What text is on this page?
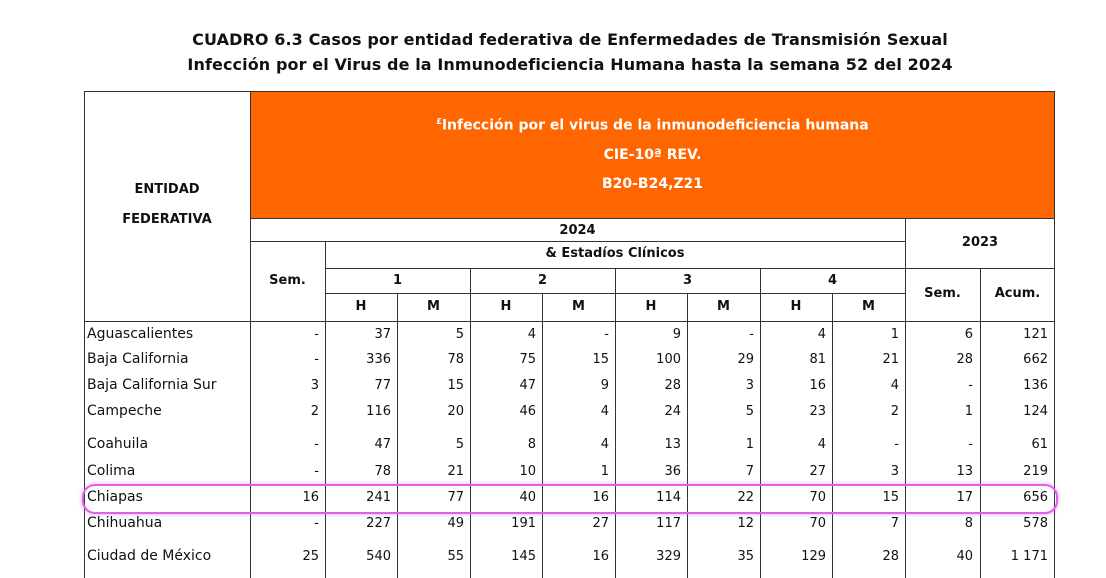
CUADRO 6.3 Casos por entidad federativa de Enfermedades de Transmisión Sexual
Infección por el Virus de la Inmunodeficiencia Humana hasta la semana 52 del 2024
£Infección por el virus de la inmunodeficiencia humana
CIE-10ª REV.
B20-B24,Z21
ENTIDAD
FEDERATIVA
2024
& Estadíos Clínicos
Sem.	1	2	3	4
H	M	H	M	H	M	H	M
2023
Sem.	Acum.
Aguascalientes	-	37	5	4	-	9	-	4	1	6	121
Baja California	-	336	78	75	15	100	29	81	21	28	662
Baja California Sur	3	77	15	47	9	28	3	16	4	-	136
Campeche	2	116	20	46	4	24	5	23	2	1	124
Coahuila	-	47	5	8	4	13	1	4	-	-	61
Colima	-	78	21	10	1	36	7	27	3	13	219
Chiapas	16	241	77	40	16	114	22	70	15	17	656
Chihuahua	-	227	49	191	27	117	12	70	7	8	578
Ciudad de México	25	540	55	145	16	329	35	129	28	40	1 171
